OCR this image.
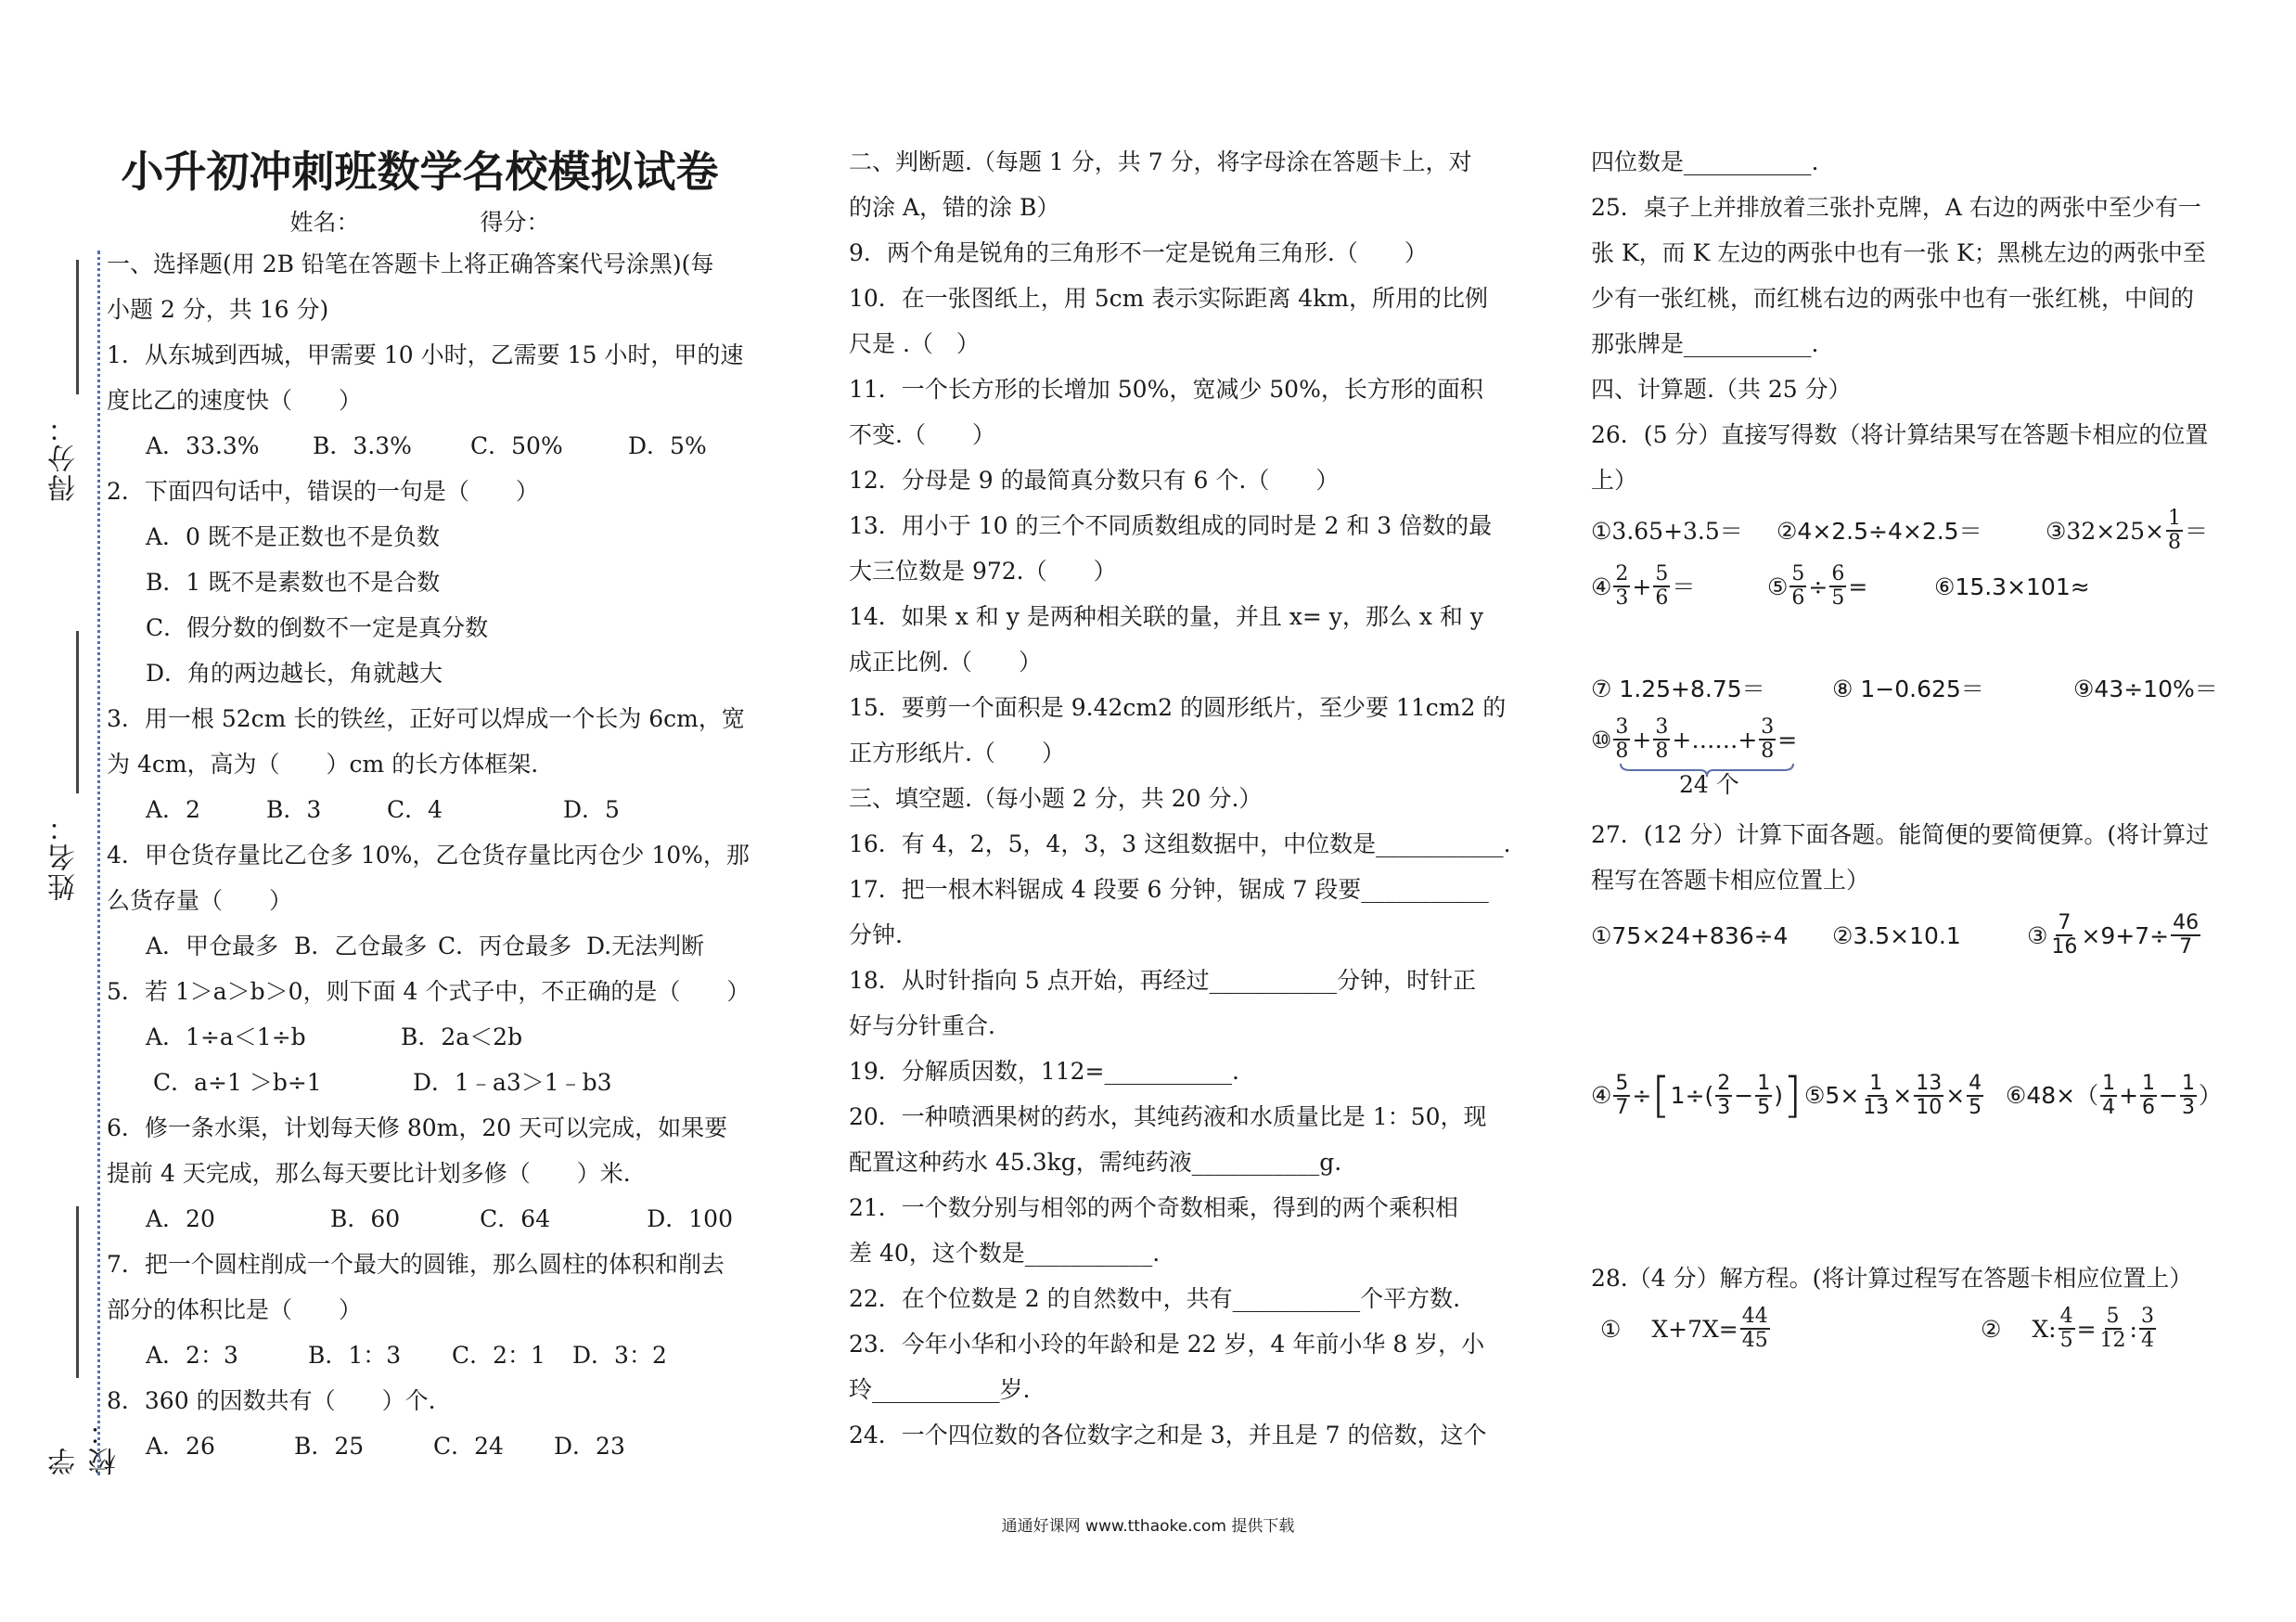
得分：
姓名：
学校：
小升初冲刺班数学名校模拟试卷
姓名：	得分：
一、选择题(用 2B 铅笔在答题卡上将正确答案代号涂黑)(每
小题 2 分，共 16 分)
1．从东城到西城，甲需要 10 小时，乙需要 15 小时，甲的速
度比乙的速度快（　　）
A．33.3%	B．3.3%	C．50%	D．5%
2．下面四句话中，错误的一句是（　　）
A．0 既不是正数也不是负数
B．1 既不是素数也不是合数
C．假分数的倒数不一定是真分数
D．角的两边越长，角就越大
3．用一根 52cm 长的铁丝，正好可以焊成一个长为 6cm，宽
为 4cm，高为（　　）cm 的长方体框架.
A．2	B．3	C．4	D．5
4．甲仓货存量比乙仓多 10%，乙仓货存量比丙仓少 10%，那
么货存量（　　）
A．甲仓最多 B．乙仓最多 C．丙仓最多 D.无法判断
5．若 1＞a＞b＞0，则下面 4 个式子中，不正确的是（　　）
A．1÷a＜1÷b	B．2a＜2b
C．a÷1 ＞b÷1	D．1﹣a3＞1﹣b3
6．修一条水渠，计划每天修 80m，20 天可以完成，如果要
提前 4 天完成，那么每天要比计划多修（　　）米.
A．20	B．60	C．64	D．100
7．把一个圆柱削成一个最大的圆锥，那么圆柱的体积和削去
部分的体积比是（　　）
A．2：3	B．1：3	C．2：1	D．3：2
8．360 的因数共有（　　）个.
A．26	B．25	C．24	D．23
二、判断题.（每题 1 分，共 7 分，将字母涂在答题卡上，对
的涂 A，错的涂 B）
9．两个角是锐角的三角形不一定是锐角三角形.（　　）
10．在一张图纸上，用 5cm 表示实际距离 4km，所用的比例
尺是 .（　）
11．一个长方形的长增加 50%，宽减少 50%，长方形的面积
不变.（　　）
12．分母是 9 的最简真分数只有 6 个.（　　）
13．用小于 10 的三个不同质数组成的同时是 2 和 3 倍数的最
大三位数是 972.（　　）
14．如果 x 和 y 是两种相关联的量，并且 x= y，那么 x 和 y
成正比例.（　　）
15．要剪一个面积是 9.42cm2 的圆形纸片，至少要 11cm2 的
正方形纸片.（　　）
三、填空题.（每小题 2 分，共 20 分.）
16．有 4，2，5，4，3，3 这组数据中，中位数是___________.
17．把一根木料锯成 4 段要 6 分钟，锯成 7 段要___________
分钟.
18．从时针指向 5 点开始，再经过___________分钟，时针正
好与分针重合.
19．分解质因数，112=___________.
20．一种喷洒果树的药水，其纯药液和水质量比是 1：50，现
配置这种药水 45.3kg，需纯药液___________g.
21．一个数分别与相邻的两个奇数相乘，得到的两个乘积相
差 40，这个数是___________.
22．在个位数是 2 的自然数中，共有___________个平方数.
23．今年小华和小玲的年龄和是 22 岁，4 年前小华 8 岁，小
玲___________岁.
24．一个四位数的各位数字之和是 3，并且是 7 的倍数，这个
四位数是___________.
25．桌子上并排放着三张扑克牌，A 右边的两张中至少有一
张 K，而 K 左边的两张中也有一张 K；黑桃左边的两张中至
少有一张红桃，而红桃右边的两张中也有一张红桃，中间的
那张牌是___________.
四、计算题.（共 25 分）
26．(5 分）直接写得数（将计算结果写在答题卡相应的位置
上）
①3.65+3.5＝	②4×2.5÷4×2.5＝	③32×25× $\frac{1}{8}$ ＝
④ $\frac{2}{3} + \frac{5}{6}$ ＝	⑤ $\frac{5}{6} \div \frac{6}{5}$ =	⑥15.3×101≈
⑦ 1.25+8.75＝	⑧ 1−0.625＝	⑨43÷10%＝
⑩ $\frac{3}{8} + \frac{3}{8}$ +……+ $\frac{3}{8}$ =
24 个
27．(12 分）计算下面各题。能简便的要简便算。(将计算过
程写在答题卡相应位置上）
①75×24+836÷4	②3.5×10.1	③ $\frac{7}{16} \times 9+7\div \frac{46}{7}$
④ $\frac{5}{7}$ ÷ [ $1\div( \frac{2}{3} - \frac{1}{5}$ ) ] ⑤5× $\frac{1}{13} \times \frac{13}{10} \times \frac{4}{5}$ ⑥48×（ $\frac{1}{4} + \frac{1}{6} - \frac{1}{3}$ ）
28.（4 分）解方程。(将计算过程写在答题卡相应位置上）
①　 $X+7X= \frac{44}{45}$	②　 X: $\frac{4}{5} = \frac{5}{12}$ : $\frac{3}{4}$
通通好课网 www.tthaoke.com 提供下载
